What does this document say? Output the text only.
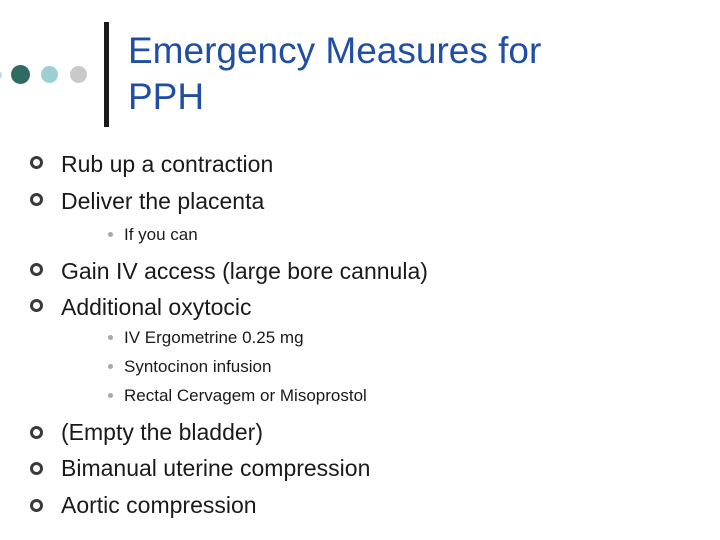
Emergency Measures for
PPH
Rub up a contraction
Deliver the placenta
If you can
Gain IV access (large bore cannula)
Additional oxytocic
IV Ergometrine 0.25 mg
Syntocinon infusion
Rectal Cervagem or Misoprostol
(Empty the bladder)
Bimanual uterine compression
Aortic compression
